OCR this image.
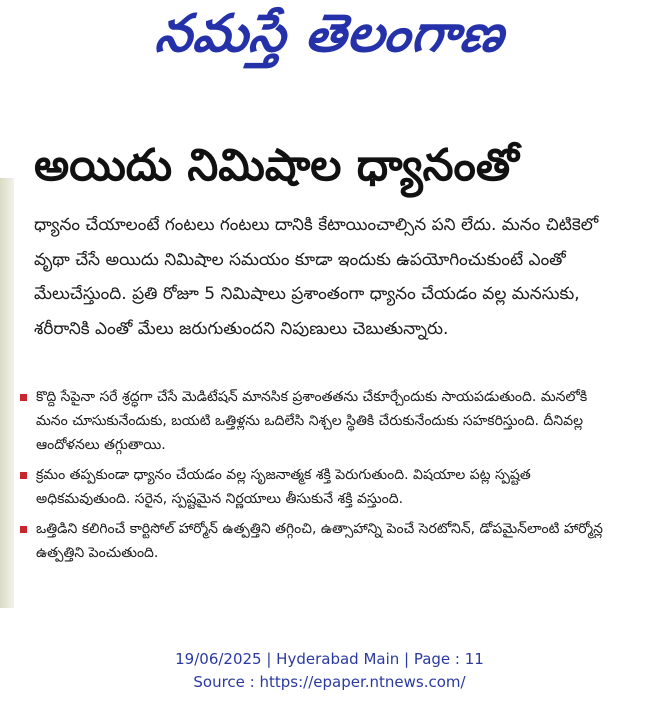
నమస్తే తెలంగాణ
అయిదు నిమిషాల ధ్యానంతో
ధ్యానం చేయాలంటే గంటలు గంటలు దానికి కేటాయించాల్సిన పని లేదు. మనం చిటికెలో వృథా చేసే అయిదు నిమిషాల సమయం కూడా ఇందుకు ఉపయోగించుకుంటే ఎంతో మేలుచేస్తుంది. ప్రతి రోజూ 5 నిమిషాలు ప్రశాంతంగా ధ్యానం చేయడం వల్ల మనసుకు, శరీరానికి ఎంతో మేలు జరుగుతుందని నిపుణులు చెబుతున్నారు.
కొద్ది సేపైనా సరే శ్రద్ధగా చేసే మెడిటేషన్ మానసిక ప్రశాంతతను చేకూర్చేందుకు సాయపడుతుంది. మనలోకి మనం చూసుకునేందుకు, బయటి ఒత్తిళ్లను ఒదిలేసి నిశ్చల స్థితికి చేరుకునేందుకు సహకరిస్తుంది. దీనివల్ల ఆందోళనలు తగ్గుతాయి.
క్రమం తప్పకుండా ధ్యానం చేయడం వల్ల సృజనాత్మక శక్తి పెరుగుతుంది. విషయాల పట్ల స్పష్టత అధికమవుతుంది. సరైన, స్పష్టమైన నిర్ణయాలు తీసుకునే శక్తి వస్తుంది.
ఒత్తిడిని కలిగించే కార్టిసోల్ హార్మోన్ ఉత్పత్తిని తగ్గించి, ఉత్సాహాన్ని పెంచే సెరటోనిన్, డోపమైన్‌లాంటి హార్మోన్ల ఉత్పత్తిని పెంచుతుంది.
19/06/2025 | Hyderabad Main | Page : 11
Source : https://epaper.ntnews.com/
